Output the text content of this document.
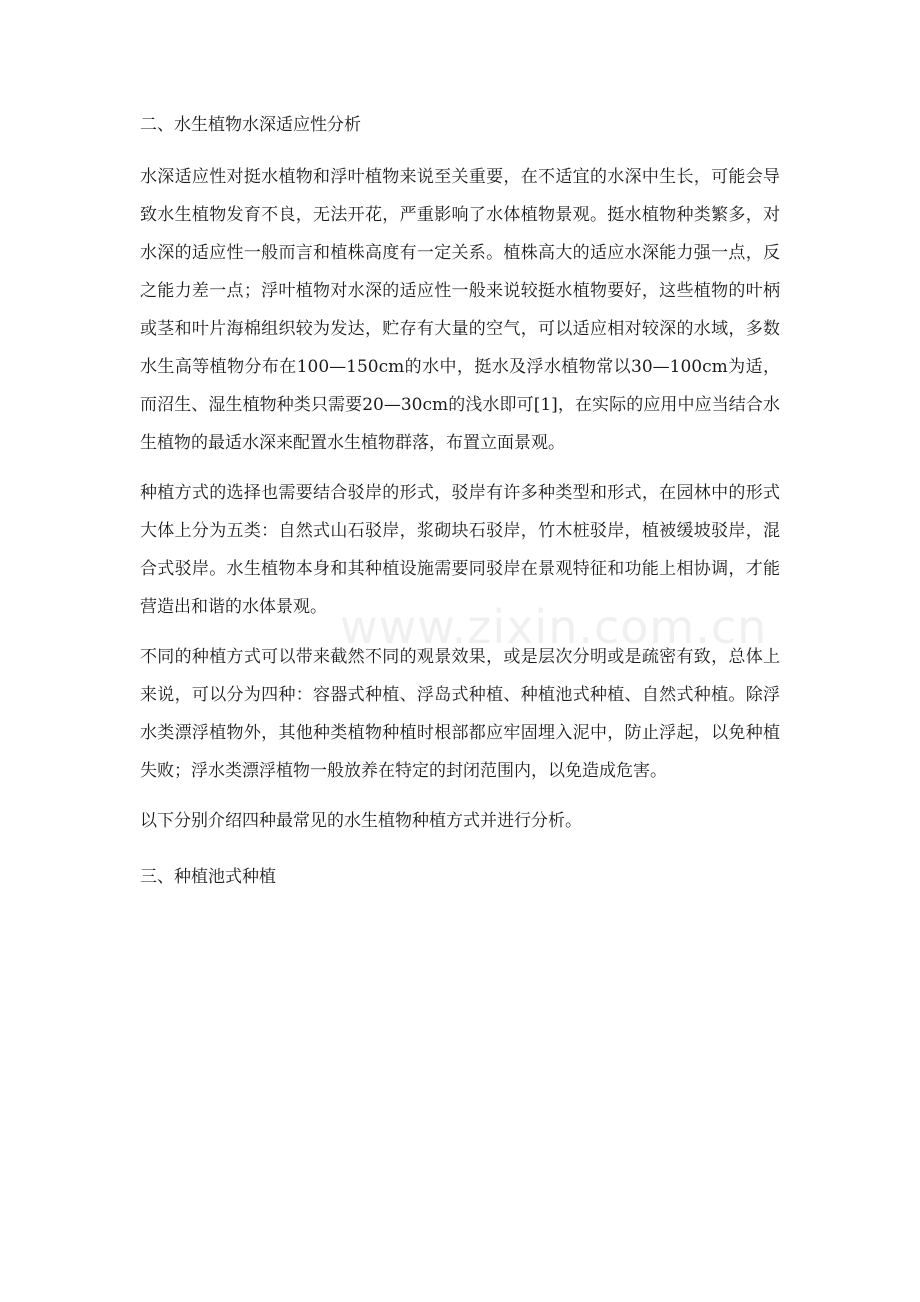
二、水生植物水深适应性分析

水深适应性对挺水植物和浮叶植物来说至关重要，在不适宜的水深中生长，可能会导致水生植物发育不良，无法开花，严重影响了水体植物景观。挺水植物种类繁多，对水深的适应性一般而言和植株高度有一定关系。植株高大的适应水深能力强一点，反之能力差一点；浮叶植物对水深的适应性一般来说较挺水植物要好，这些植物的叶柄或茎和叶片海棉组织较为发达，贮存有大量的空气，可以适应相对较深的水域，多数水生高等植物分布在100—150cm的水中，挺水及浮水植物常以30—100cm为适，而沼生、湿生植物种类只需要20—30cm的浅水即可[1]，在实际的应用中应当结合水生植物的最适水深来配置水生植物群落，布置立面景观。

种植方式的选择也需要结合驳岸的形式，驳岸有许多种类型和形式，在园林中的形式大体上分为五类：自然式山石驳岸，浆砌块石驳岸，竹木桩驳岸，植被缓坡驳岸，混合式驳岸。水生植物本身和其种植设施需要同驳岸在景观特征和功能上相协调，才能营造出和谐的水体景观。

不同的种植方式可以带来截然不同的观景效果，或是层次分明或是疏密有致，总体上来说，可以分为四种：容器式种植、浮岛式种植、种植池式种植、自然式种植。除浮水类漂浮植物外，其他种类植物种植时根部都应牢固埋入泥中，防止浮起，以免种植失败；浮水类漂浮植物一般放养在特定的封闭范围内，以免造成危害。

以下分别介绍四种最常见的水生植物种植方式并进行分析。

三、种植池式种植

www.zixin.com.cn
